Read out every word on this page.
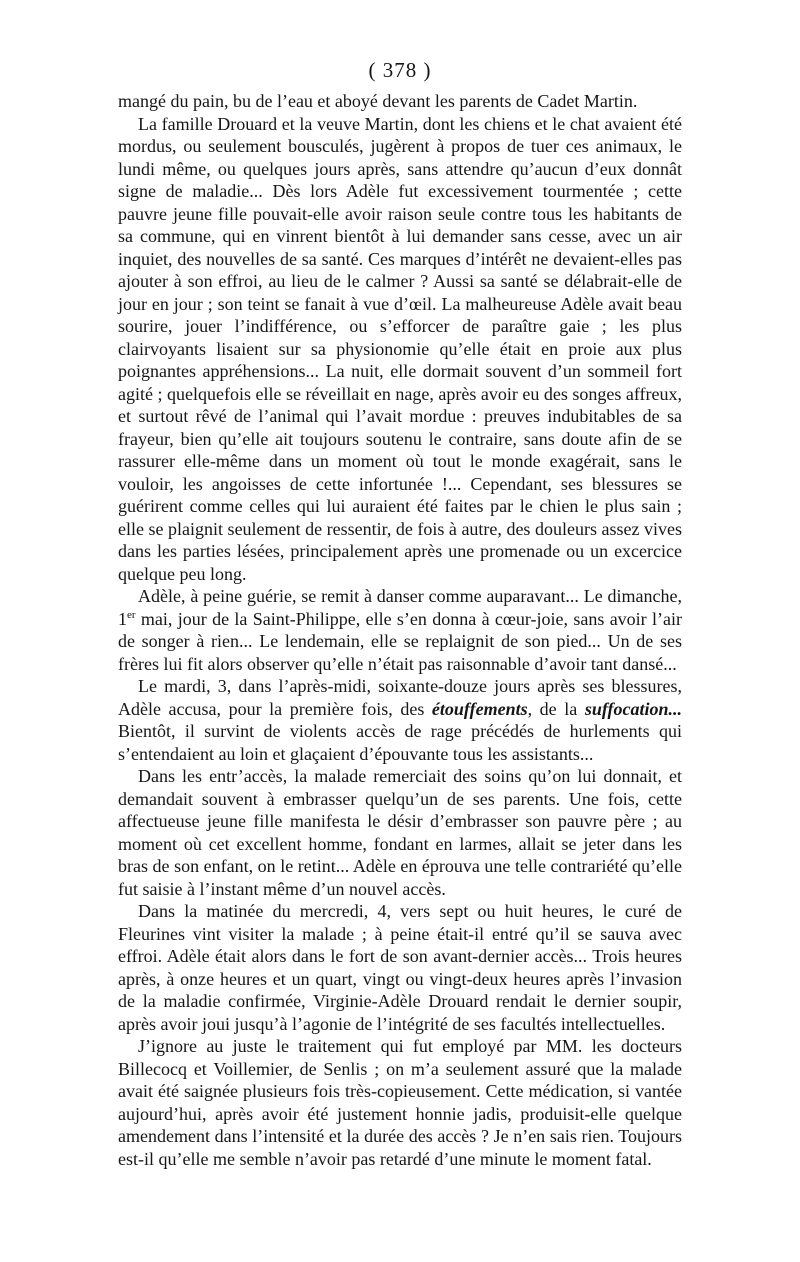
( 378 )

mangé du pain, bu de l’eau et aboyé devant les parents de Cadet Martin.

La famille Drouard et la veuve Martin, dont les chiens et le chat avaient été mordus, ou seulement bousculés, jugèrent à propos de tuer ces animaux, le lundi même, ou quelques jours après, sans attendre qu’aucun d’eux donnât signe de maladie... Dès lors Adèle fut excessivement tourmentée ; cette pauvre jeune fille pouvait-elle avoir raison seule contre tous les habitants de sa commune, qui en vinrent bientôt à lui demander sans cesse, avec un air inquiet, des nouvelles de sa santé. Ces marques d’intérêt ne devaient-elles pas ajouter à son effroi, au lieu de le calmer ? Aussi sa santé se délabrait-elle de jour en jour ; son teint se fanait à vue d’œil. La malheureuse Adèle avait beau sourire, jouer l’indifférence, ou s’efforcer de paraître gaie ; les plus clairvoyants lisaient sur sa physionomie qu’elle était en proie aux plus poignantes appréhensions... La nuit, elle dormait souvent d’un sommeil fort agité ; quelquefois elle se réveillait en nage, après avoir eu des songes affreux, et surtout rêvé de l’animal qui l’avait mordue : preuves indubitables de sa frayeur, bien qu’elle ait toujours soutenu le contraire, sans doute afin de se rassurer elle-même dans un moment où tout le monde exagérait, sans le vouloir, les angoisses de cette infortunée !... Cependant, ses blessures se guérirent comme celles qui lui auraient été faites par le chien le plus sain ; elle se plaignit seulement de ressentir, de fois à autre, des douleurs assez vives dans les parties lésées, principalement après une promenade ou un excercice quelque peu long.

Adèle, à peine guérie, se remit à danser comme auparavant... Le dimanche, 1er mai, jour de la Saint-Philippe, elle s’en donna à cœur-joie, sans avoir l’air de songer à rien... Le lendemain, elle se replaignit de son pied... Un de ses frères lui fit alors observer qu’elle n’était pas raisonnable d’avoir tant dansé...

Le mardi, 3, dans l’après-midi, soixante-douze jours après ses blessures, Adèle accusa, pour la première fois, des étouffements, de la suffocation... Bientôt, il survint de violents accès de rage précédés de hurlements qui s’entendaient au loin et glaçaient d’épouvante tous les assistants...

Dans les entr’accès, la malade remerciait des soins qu’on lui donnait, et demandait souvent à embrasser quelqu’un de ses parents. Une fois, cette affectueuse jeune fille manifesta le désir d’embrasser son pauvre père ; au moment où cet excellent homme, fondant en larmes, allait se jeter dans les bras de son enfant, on le retint... Adèle en éprouva une telle contrariété qu’elle fut saisie à l’instant même d’un nouvel accès.

Dans la matinée du mercredi, 4, vers sept ou huit heures, le curé de Fleurines vint visiter la malade ; à peine était-il entré qu’il se sauva avec effroi. Adèle était alors dans le fort de son avant-dernier accès... Trois heures après, à onze heures et un quart, vingt ou vingt-deux heures après l’invasion de la maladie confirmée, Virginie-Adèle Drouard rendait le dernier soupir, après avoir joui jusqu’à l’agonie de l’intégrité de ses facultés intellectuelles.

J’ignore au juste le traitement qui fut employé par MM. les docteurs Billecocq et Voillemier, de Senlis ; on m’a seulement assuré que la malade avait été saignée plusieurs fois très-copieusement. Cette médication, si vantée aujourd’hui, après avoir été justement honnie jadis, produisit-elle quelque amendement dans l’intensité et la durée des accès ? Je n’en sais rien. Toujours est-il qu’elle me semble n’avoir pas retardé d’une minute le moment fatal.
